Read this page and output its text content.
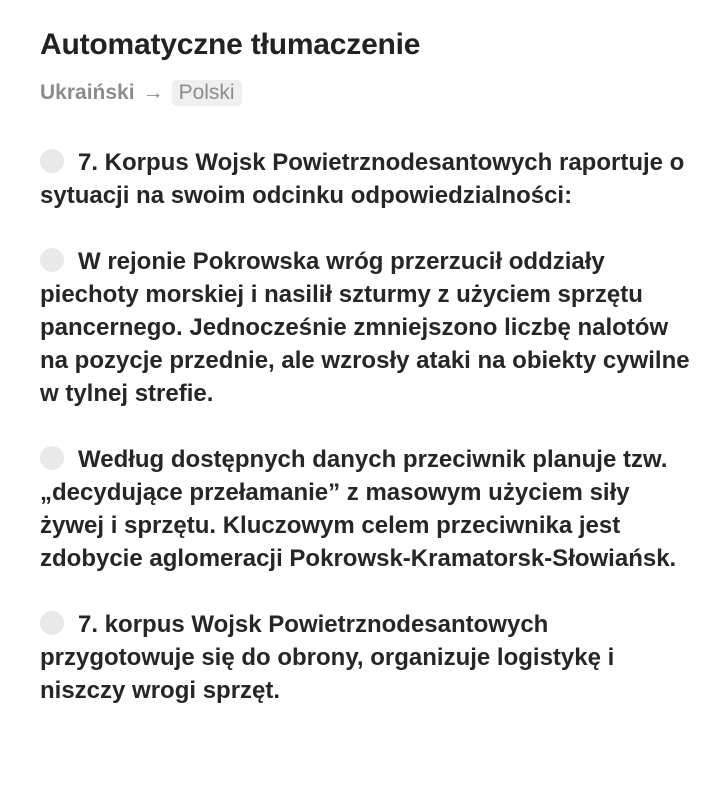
Automatyczne tłumaczenie
Ukraiński → Polski

7. Korpus Wojsk Powietrznodesantowych raportuje o sytuacji na swoim odcinku odpowiedzialności:

W rejonie Pokrowska wróg przerzucił oddziały piechoty morskiej i nasilił szturmy z użyciem sprzętu pancernego. Jednocześnie zmniejszono liczbę nalotów na pozycje przednie, ale wzrosły ataki na obiekty cywilne w tylnej strefie.

Według dostępnych danych przeciwnik planuje tzw. „decydujące przełamanie” z masowym użyciem siły żywej i sprzętu. Kluczowym celem przeciwnika jest zdobycie aglomeracji Pokrowsk-Kramatorsk-Słowiańsk.

7. korpus Wojsk Powietrznodesantowych przygotowuje się do obrony, organizuje logistykę i niszczy wrogi sprzęt.
